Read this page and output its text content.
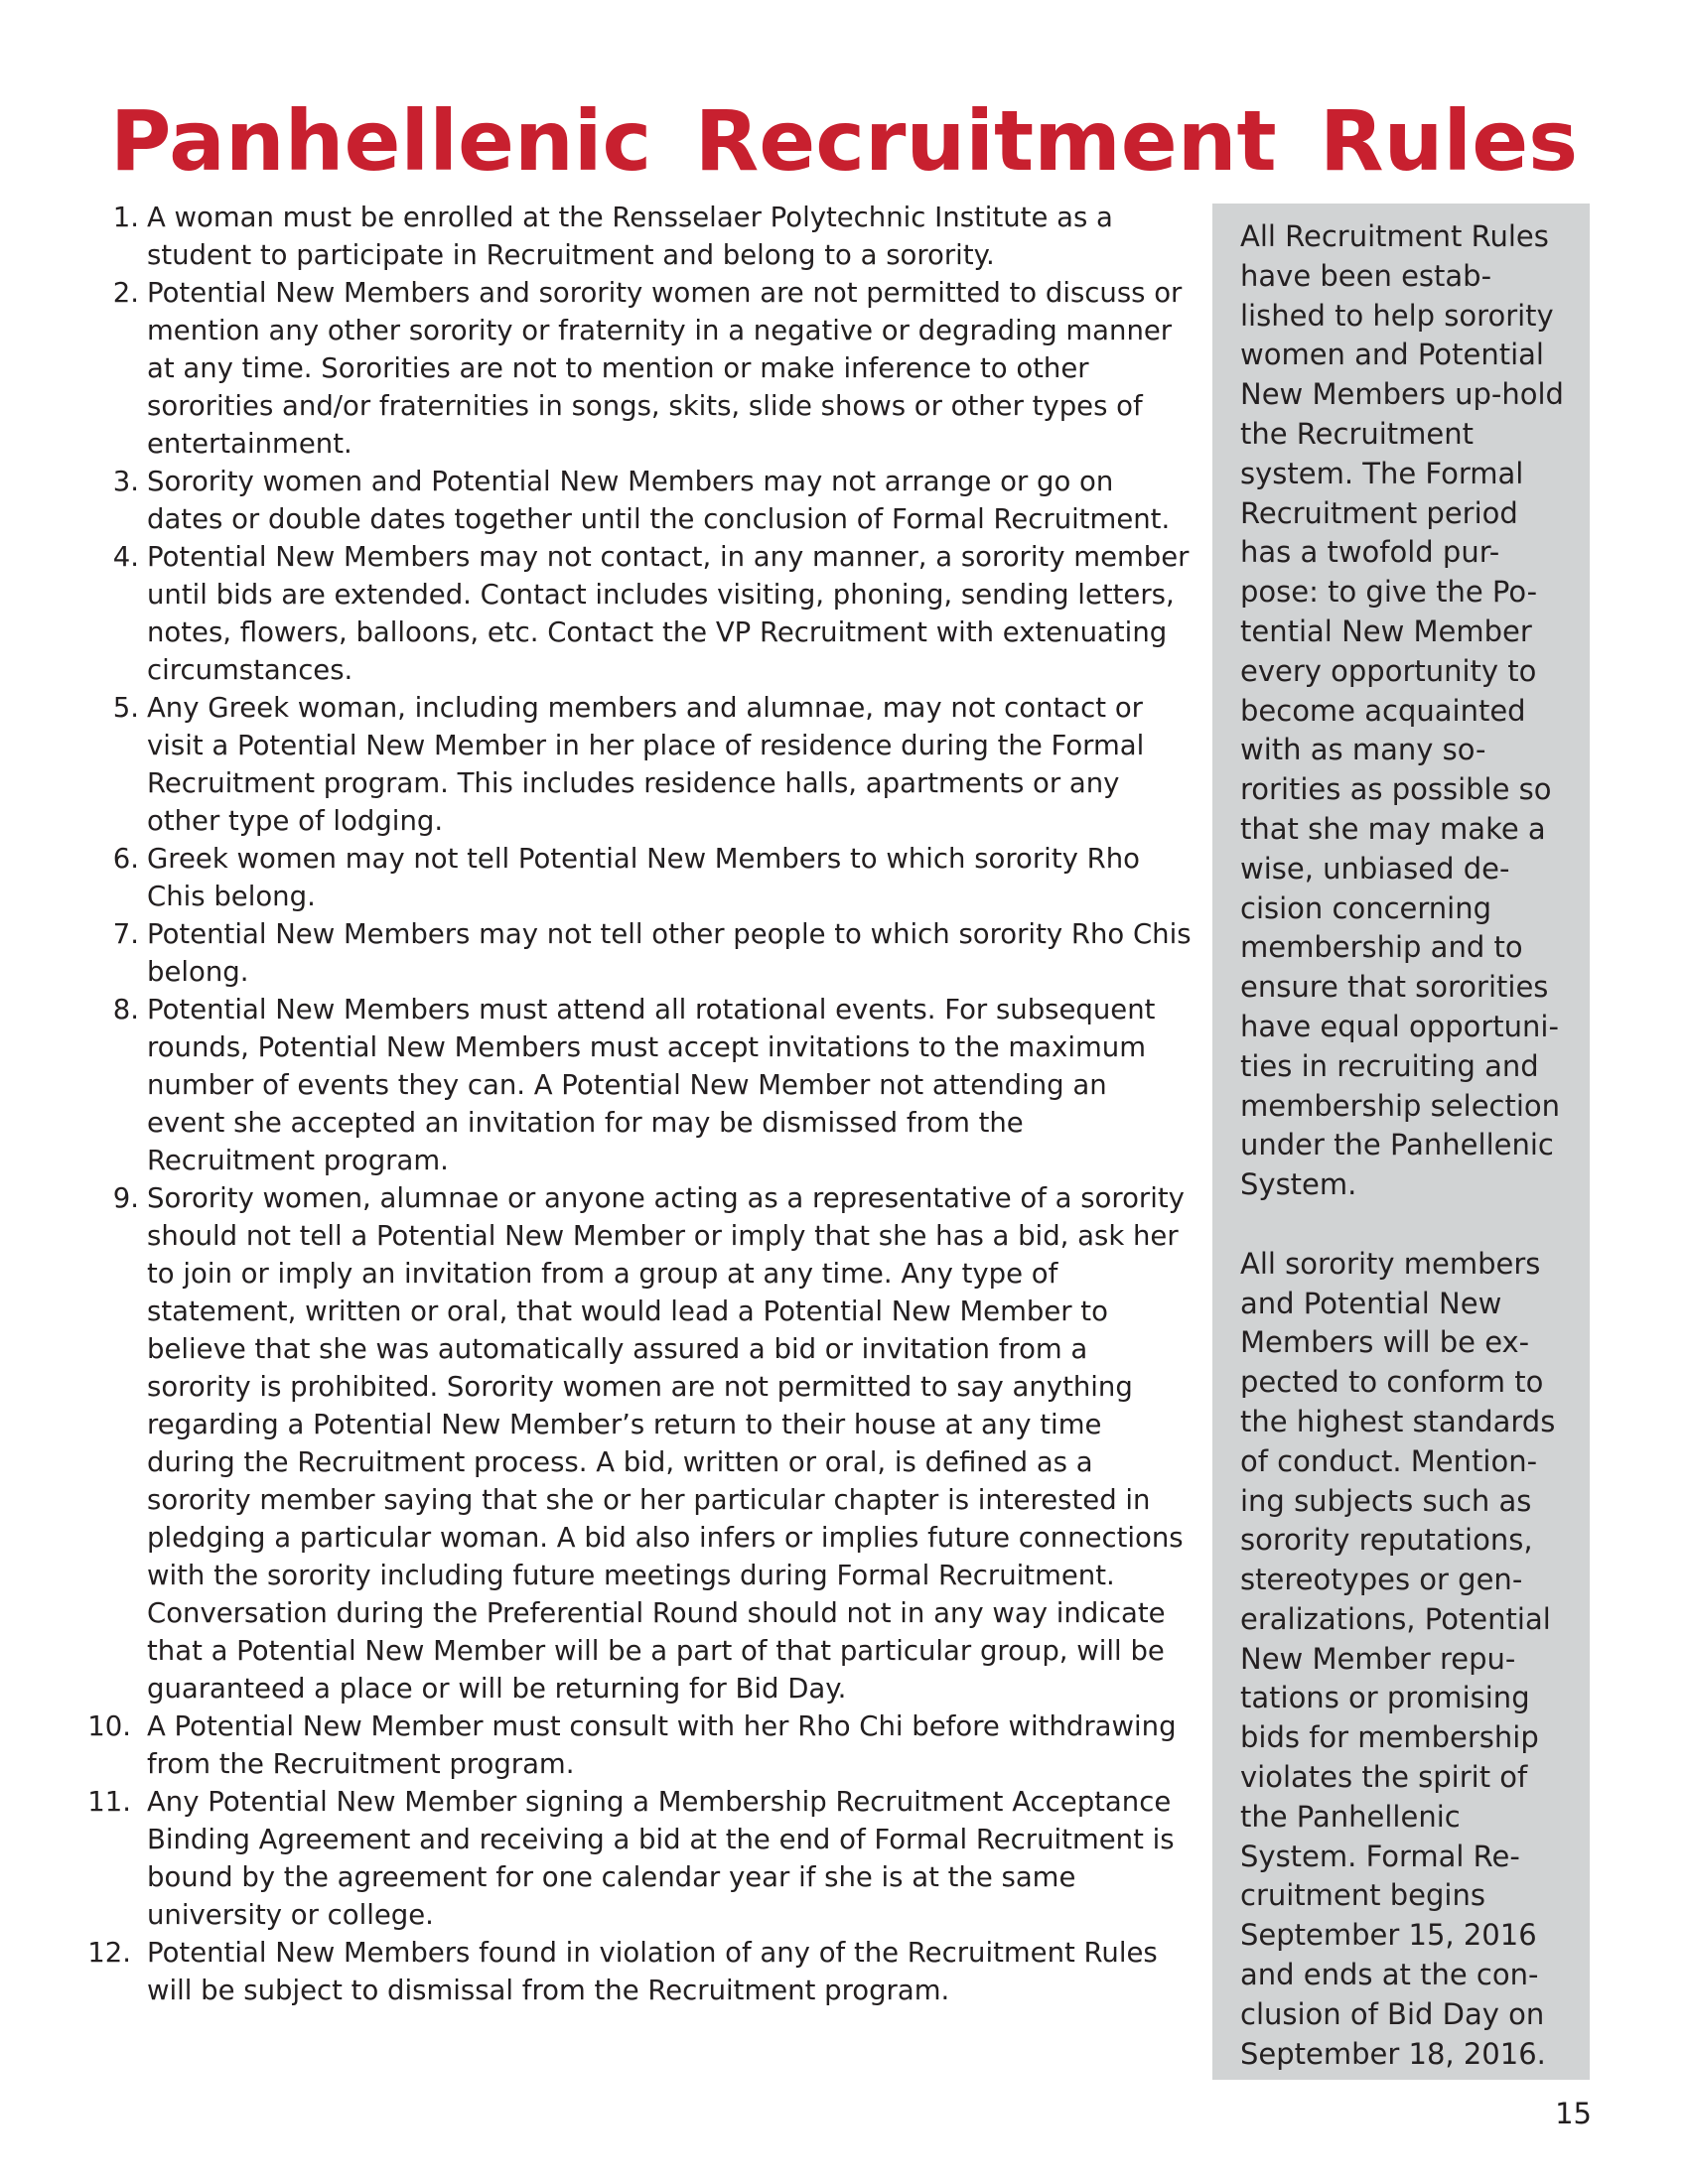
Panhellenic Recruitment Rules
1. A woman must be enrolled at the Rensselaer Polytechnic Institute as a student to participate in Recruitment and belong to a sorority.
2. Potential New Members and sorority women are not permitted to discuss or mention any other sorority or fraternity in a negative or degrading manner at any time. Sororities are not to mention or make inference to other sororities and/or fraternities in songs, skits, slide shows or other types of entertainment.
3. Sorority women and Potential New Members may not arrange or go on dates or double dates together until the conclusion of Formal Recruitment.
4. Potential New Members may not contact, in any manner, a sorority member until bids are extended. Contact includes visiting, phoning, sending letters, notes, flowers, balloons, etc. Contact the VP Recruitment with extenuating circumstances.
5. Any Greek woman, including members and alumnae, may not contact or visit a Potential New Member in her place of residence during the Formal Recruitment program. This includes residence halls, apartments or any other type of lodging.
6. Greek women may not tell Potential New Members to which sorority Rho Chis belong.
7. Potential New Members may not tell other people to which sorority Rho Chis belong.
8. Potential New Members must attend all rotational events. For subsequent rounds, Potential New Members must accept invitations to the maximum number of events they can. A Potential New Member not attending an event she accepted an invitation for may be dismissed from the Recruitment program.
9. Sorority women, alumnae or anyone acting as a representative of a sorority should not tell a Potential New Member or imply that she has a bid, ask her to join or imply an invitation from a group at any time. Any type of statement, written or oral, that would lead a Potential New Member to believe that she was automatically assured a bid or invitation from a sorority is prohibited. Sorority women are not permitted to say anything regarding a Potential New Member’s return to their house at any time during the Recruitment process. A bid, written or oral, is defined as a sorority member saying that she or her particular chapter is interested in pledging a particular woman. A bid also infers or implies future connections with the sorority including future meetings during Formal Recruitment. Conversation during the Preferential Round should not in any way indicate that a Potential New Member will be a part of that particular group, will be guaranteed a place or will be returning for Bid Day.
10. A Potential New Member must consult with her Rho Chi before withdrawing from the Recruitment program.
11. Any Potential New Member signing a Membership Recruitment Acceptance Binding Agreement and receiving a bid at the end of Formal Recruitment is bound by the agreement for one calendar year if she is at the same university or college.
12. Potential New Members found in violation of any of the Recruitment Rules will be subject to dismissal from the Recruitment program.

All Recruitment Rules have been estab-lished to help sorority women and Potential New Members up-hold the Recruitment system. The Formal Recruitment period has a twofold pur-pose: to give the Po-tential New Member every opportunity to become acquainted with as many so-rorities as possible so that she may make a wise, unbiased de-cision concerning membership and to ensure that sororities have equal opportuni-ties in recruiting and membership selection under the Panhellenic System.

All sorority members and Potential New Members will be ex-pected to conform to the highest standards of conduct. Mention-ing subjects such as sorority reputations, stereotypes or gen-eralizations, Potential New Member repu-tations or promising bids for membership violates the spirit of the Panhellenic System. Formal Re-cruitment begins September 15, 2016 and ends at the con-clusion of Bid Day on September 18, 2016.

15
